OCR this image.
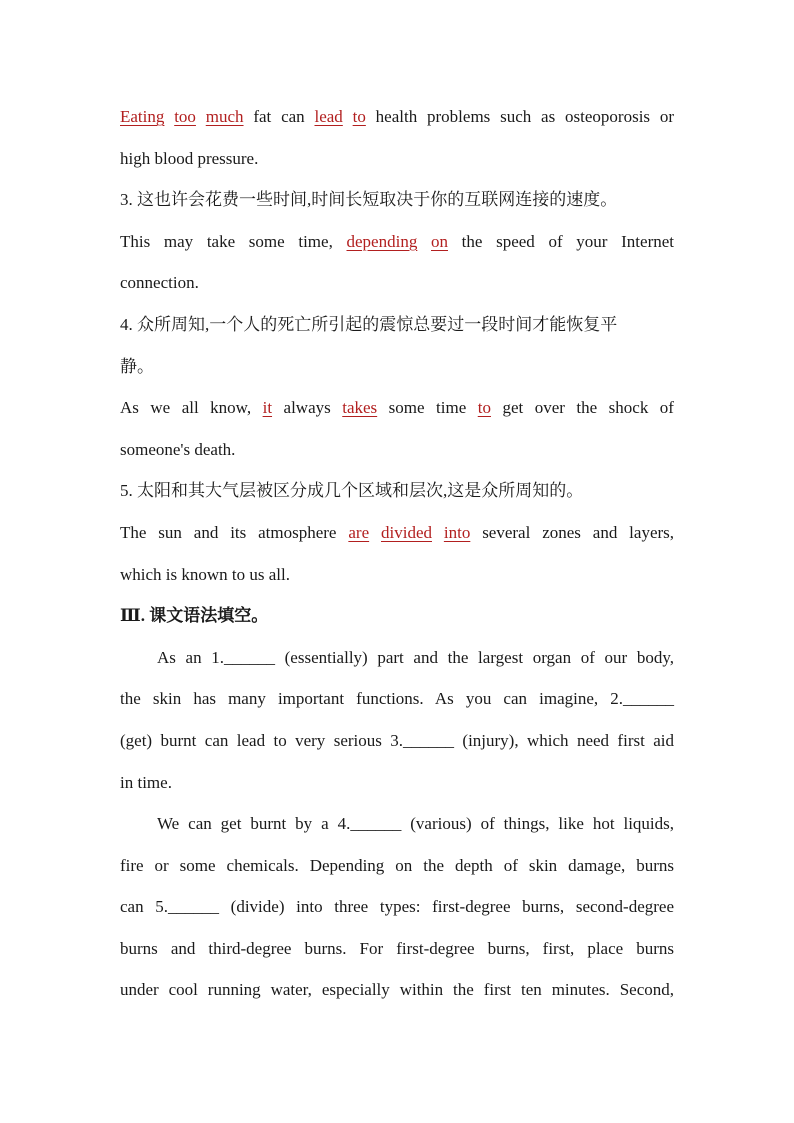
Eating too much fat can lead to health problems such as osteoporosis or
high blood pressure.
3. 这也许会花费一些时间,时间长短取决于你的互联网连接的速度。
This may take some time, depending on the speed of your Internet
connection.
4. 众所周知,一个人的死亡所引起的震惊总要过一段时间才能恢复平
静。
As we all know, it always takes some time to get over the shock of
someone's death.
5. 太阳和其大气层被区分成几个区域和层次,这是众所周知的。
The sun and its atmosphere are divided into several zones and layers,
which is known to us all.
Ⅲ. 课文语法填空。
As an 1.______ (essentially) part and the largest organ of our body,
the skin has many important functions. As you can imagine, 2.______
(get) burnt can lead to very serious 3.______ (injury), which need first aid
in time.
We can get burnt by a 4.______ (various) of things, like hot liquids,
fire or some chemicals. Depending on the depth of skin damage, burns
can 5.______ (divide) into three types: first-degree burns, second-degree
burns and third-degree burns. For first-degree burns, first, place burns
under cool running water, especially within the first ten minutes. Second,
